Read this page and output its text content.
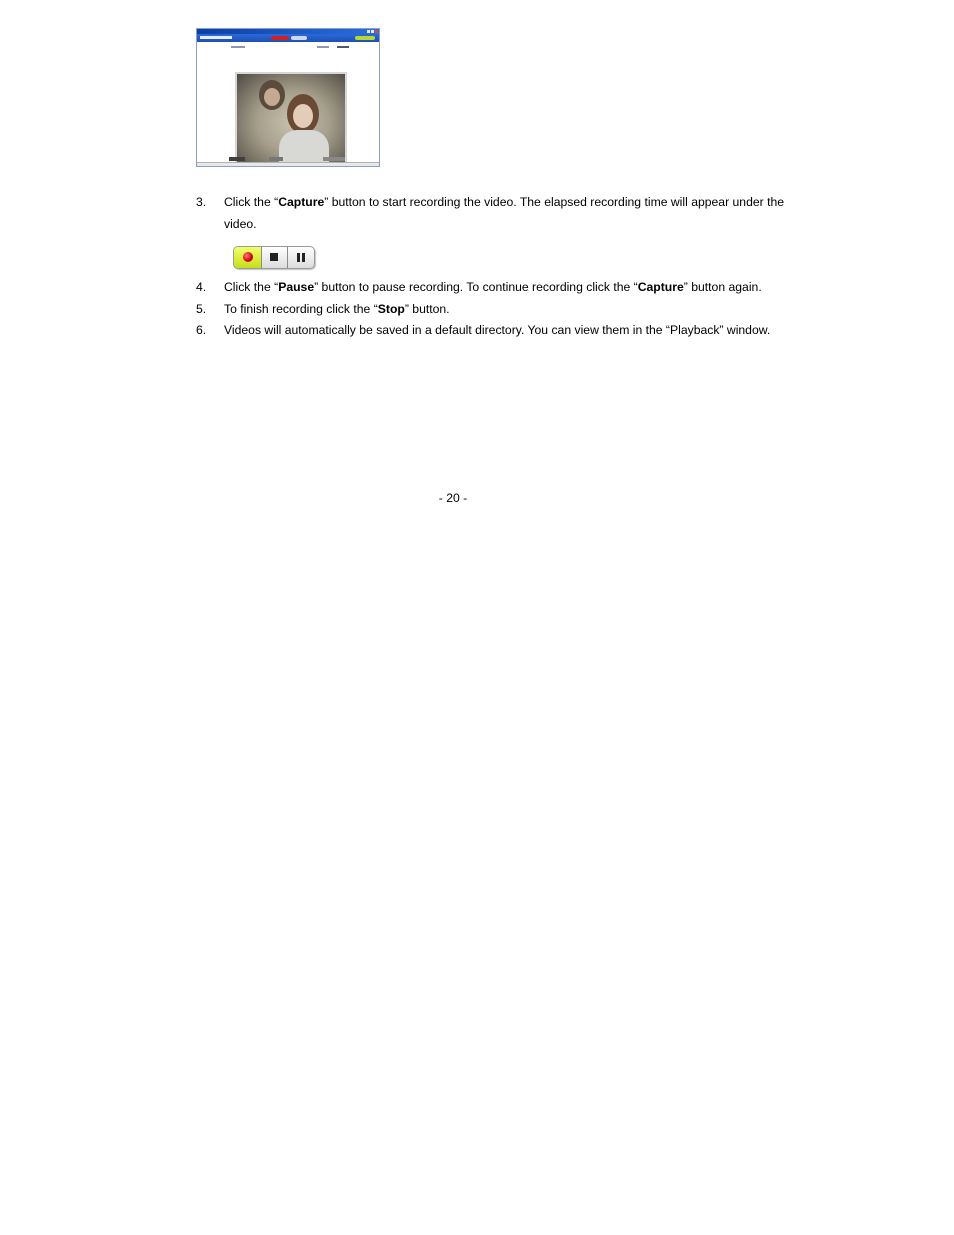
3. Click the “Capture” button to start recording the video. The elapsed recording time will appear under the video.
4. Click the “Pause” button to pause recording. To continue recording click the “Capture” button again.
5. To finish recording click the “Stop” button.
6. Videos will automatically be saved in a default directory. You can view them in the “Playback” window.
- 20 -
